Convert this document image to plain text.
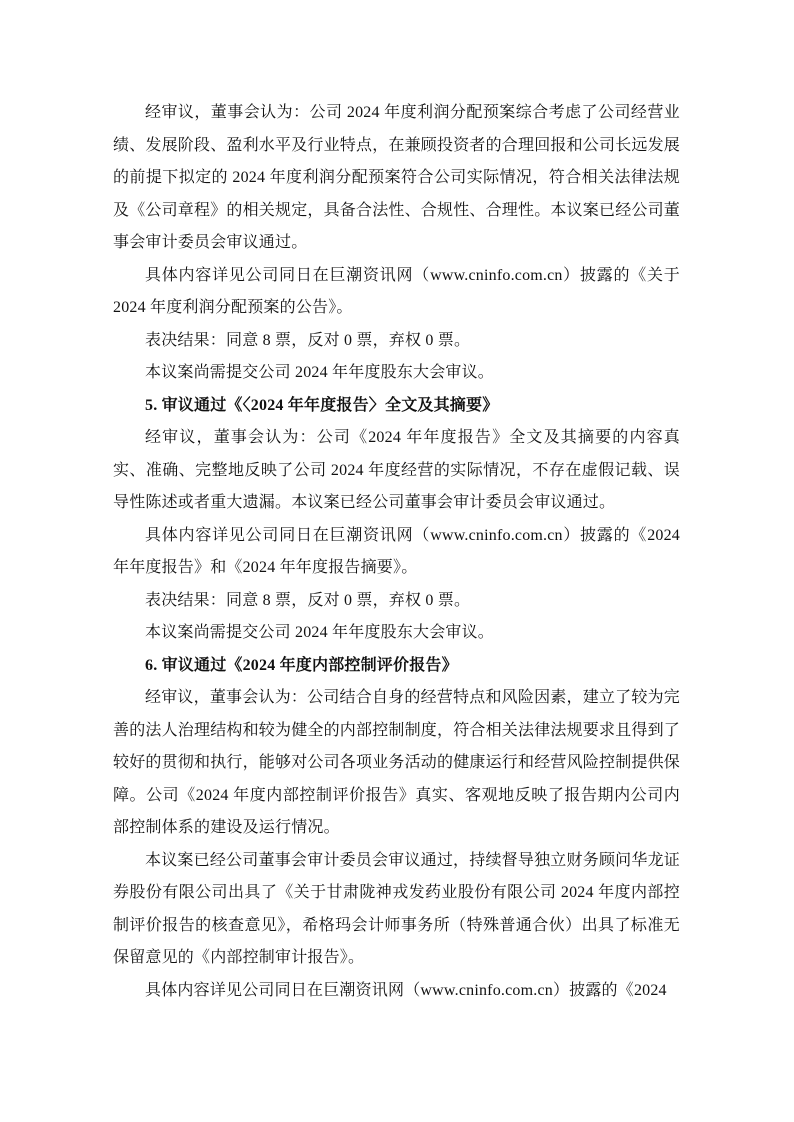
经审议，董事会认为：公司 2024 年度利润分配预案综合考虑了公司经营业绩、发展阶段、盈利水平及行业特点，在兼顾投资者的合理回报和公司长远发展的前提下拟定的 2024 年度利润分配预案符合公司实际情况，符合相关法律法规及《公司章程》的相关规定，具备合法性、合规性、合理性。本议案已经公司董事会审计委员会审议通过。

具体内容详见公司同日在巨潮资讯网（www.cninfo.com.cn）披露的《关于 2024 年度利润分配预案的公告》。

表决结果：同意 8 票，反对 0 票，弃权 0 票。

本议案尚需提交公司 2024 年年度股东大会审议。

5. 审议通过《〈2024 年年度报告〉全文及其摘要》

经审议，董事会认为：公司《2024 年年度报告》全文及其摘要的内容真实、准确、完整地反映了公司 2024 年度经营的实际情况，不存在虚假记载、误导性陈述或者重大遗漏。本议案已经公司董事会审计委员会审议通过。

具体内容详见公司同日在巨潮资讯网（www.cninfo.com.cn）披露的《2024 年年度报告》和《2024 年年度报告摘要》。

表决结果：同意 8 票，反对 0 票，弃权 0 票。

本议案尚需提交公司 2024 年年度股东大会审议。

6. 审议通过《2024 年度内部控制评价报告》

经审议，董事会认为：公司结合自身的经营特点和风险因素，建立了较为完善的法人治理结构和较为健全的内部控制制度，符合相关法律法规要求且得到了较好的贯彻和执行，能够对公司各项业务活动的健康运行和经营风险控制提供保障。公司《2024 年度内部控制评价报告》真实、客观地反映了报告期内公司内部控制体系的建设及运行情况。

本议案已经公司董事会审计委员会审议通过，持续督导独立财务顾问华龙证券股份有限公司出具了《关于甘肃陇神戎发药业股份有限公司 2024 年度内部控制评价报告的核查意见》，希格玛会计师事务所（特殊普通合伙）出具了标准无保留意见的《内部控制审计报告》。

具体内容详见公司同日在巨潮资讯网（www.cninfo.com.cn）披露的《2024
